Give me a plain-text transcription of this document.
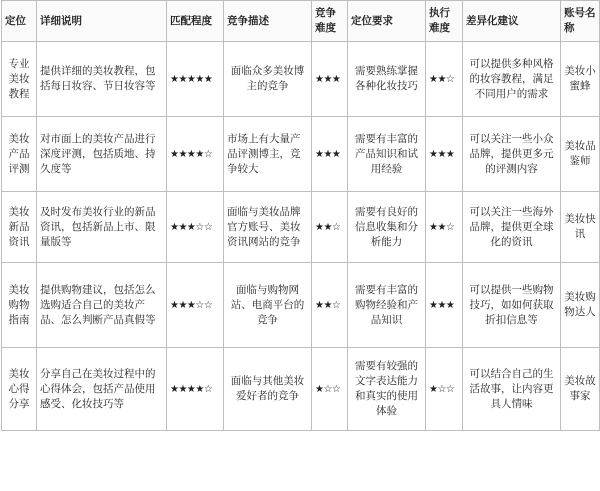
定位	详细说明	匹配程度	竞争描述	竞争难度	定位要求	执行难度	差异化建议	账号名称
专业美妆教程	提供详细的美妆教程，包括每日妆容、节日妆容等	★★★★★	面临众多美妆博主的竞争	★★★	需要熟练掌握各种化妆技巧	★★☆	可以提供多种风格的妆容教程，满足不同用户的需求	美妆小蜜蜂
美妆产品评测	对市面上的美妆产品进行深度评测，包括质地、持久度等	★★★★☆	市场上有大量产品评测博主，竞争较大	★★★	需要有丰富的产品知识和试用经验	★★★	可以关注一些小众品牌，提供更多元的评测内容	美妆品鉴师
美妆新品资讯	及时发布美妆行业的新品资讯，包括新品上市、限量版等	★★★☆☆	面临与美妆品牌官方账号、美妆资讯网站的竞争	★★☆	需要有良好的信息收集和分析能力	★★☆	可以关注一些海外品牌，提供更全球化的资讯	美妆快讯
美妆购物指南	提供购物建议，包括怎么选购适合自己的美妆产品、怎么判断产品真假等	★★★☆☆	面临与购物网站、电商平台的竞争	★★☆	需要有丰富的购物经验和产品知识	★★★	可以提供一些购物技巧，如如何获取折扣信息等	美妆购物达人
美妆心得分享	分享自己在美妆过程中的心得体会，包括产品使用感受、化妆技巧等	★★★★☆	面临与其他美妆爱好者的竞争	★☆☆	需要有较强的文字表达能力和真实的使用体验	★☆☆	可以结合自己的生活故事，让内容更具人情味	美妆故事家
